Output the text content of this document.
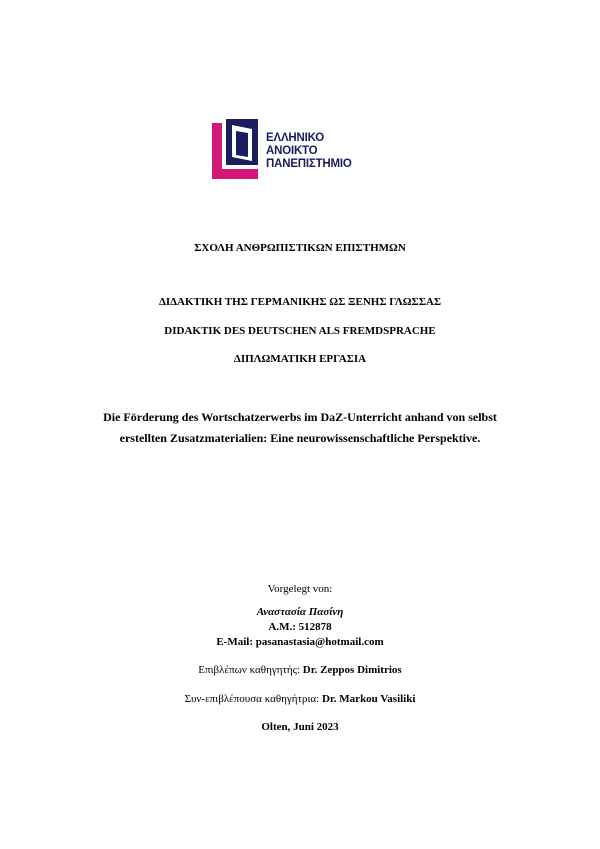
ΕΛΛΗΝΙΚΟ
ΑΝΟΙΚΤΟ
ΠΑΝΕΠΙΣΤΗΜΙΟ
ΣΧΟΛΗ ΑΝΘΡΩΠΙΣΤΙΚΩΝ ΕΠΙΣΤΗΜΩΝ
ΔΙΔΑΚΤΙΚΗ ΤΗΣ ΓΕΡΜΑΝΙΚΗΣ ΩΣ ΞΕΝΗΣ ΓΛΩΣΣΑΣ
DIDAKTIK DES DEUTSCHEN ALS FREMDSPRACHE
ΔΙΠΛΩΜΑΤΙΚΗ ΕΡΓΑΣΙΑ
Die Förderung des Wortschatzerwerbs im DaZ-Unterricht anhand von selbst
erstellten Zusatzmaterialien: Eine neurowissenschaftliche Perspektive.
Vorgelegt von:
Αναστασία Πασίνη
Α.Μ.: 512878
E-Mail: pasanastasia@hotmail.com
Επιβλέπων καθηγητής: Dr. Zeppos Dimitrios
Συν-επιβλέπουσα καθηγήτρια: Dr. Markou Vasiliki
Olten, Juni 2023
